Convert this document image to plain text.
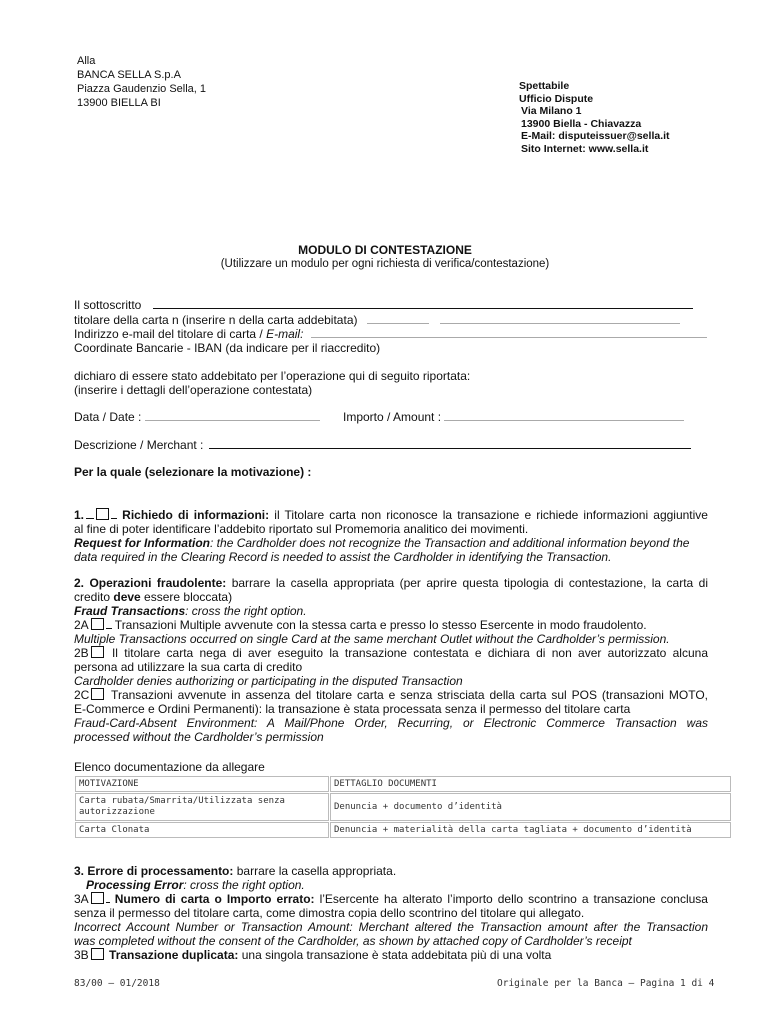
Alla
BANCA SELLA S.p.A
Piazza Gaudenzio Sella, 1
13900 BIELLA BI
Spettabile
Ufficio Dispute
Via Milano 1
13900 Biella - Chiavazza
E-Mail: disputeissuer@sella.it
Sito Internet: www.sella.it
MODULO DI CONTESTAZIONE
(Utilizzare un modulo per ogni richiesta di verifica/contestazione)
Il sottoscritto
titolare della carta n (inserire n della carta addebitata)
Indirizzo e-mail del titolare di carta / E-mail:
Coordinate Bancarie - IBAN (da indicare per il riaccredito)
dichiaro di essere stato addebitato per l’operazione qui di seguito riportata:
(inserire i dettagli dell’operazione contestata)
Data / Date :	Importo / Amount :
Descrizione / Merchant :
Per la quale (selezionare la motivazione) :
1.	Richiedo di informazioni: il Titolare carta non riconosce la transazione e richiede informazioni aggiuntive
al fine di poter identificare l’addebito riportato sul Promemoria analitico dei movimenti.
Request for Information: the Cardholder does not recognize the Transaction and additional information beyond the
data required in the Clearing Record is needed to assist the Cardholder in identifying the Transaction.
2. Operazioni fraudolente: barrare la casella appropriata (per aprire questa tipologia di contestazione, la carta di
credito deve essere bloccata)
Fraud Transactions: cross the right option.
2A Transazioni Multiple avvenute con la stessa carta e presso lo stesso Esercente in modo fraudolento.
Multiple Transactions occurred on single Card at the same merchant Outlet without the Cardholder’s permission.
2B Il titolare carta nega di aver eseguito la transazione contestata e dichiara di non aver autorizzato alcuna
persona ad utilizzare la sua carta di credito
Cardholder denies authorizing or participating in the disputed Transaction
2C Transazioni avvenute in assenza del titolare carta e senza strisciata della carta sul POS (transazioni MOTO,
E-Commerce e Ordini Permanenti): la transazione è stata processata senza il permesso del titolare carta
Fraud-Card-Absent Environment: A Mail/Phone Order, Recurring, or Electronic Commerce Transaction was
processed without the Cardholder’s permission
Elenco documentazione da allegare
MOTIVAZIONE	DETTAGLIO DOCUMENTI
Carta rubata/Smarrita/Utilizzata senza autorizzazione	Denuncia + documento d’identità
Carta Clonata	Denuncia + materialità della carta tagliata + documento d’identità
3. Errore di processamento: barrare la casella appropriata.
Processing Error: cross the right option.
3A Numero di carta o Importo errato: l’Esercente ha alterato l’importo dello scontrino a transazione conclusa
senza il permesso del titolare carta, come dimostra copia dello scontrino del titolare qui allegato.
Incorrect Account Number or Transaction Amount: Merchant altered the Transaction amount after the Transaction
was completed without the consent of the Cardholder, as shown by attached copy of Cardholder’s receipt
3B Transazione duplicata: una singola transazione è stata addebitata più di una volta
83/00 – 01/2018	Originale per la Banca – Pagina 1 di 4
